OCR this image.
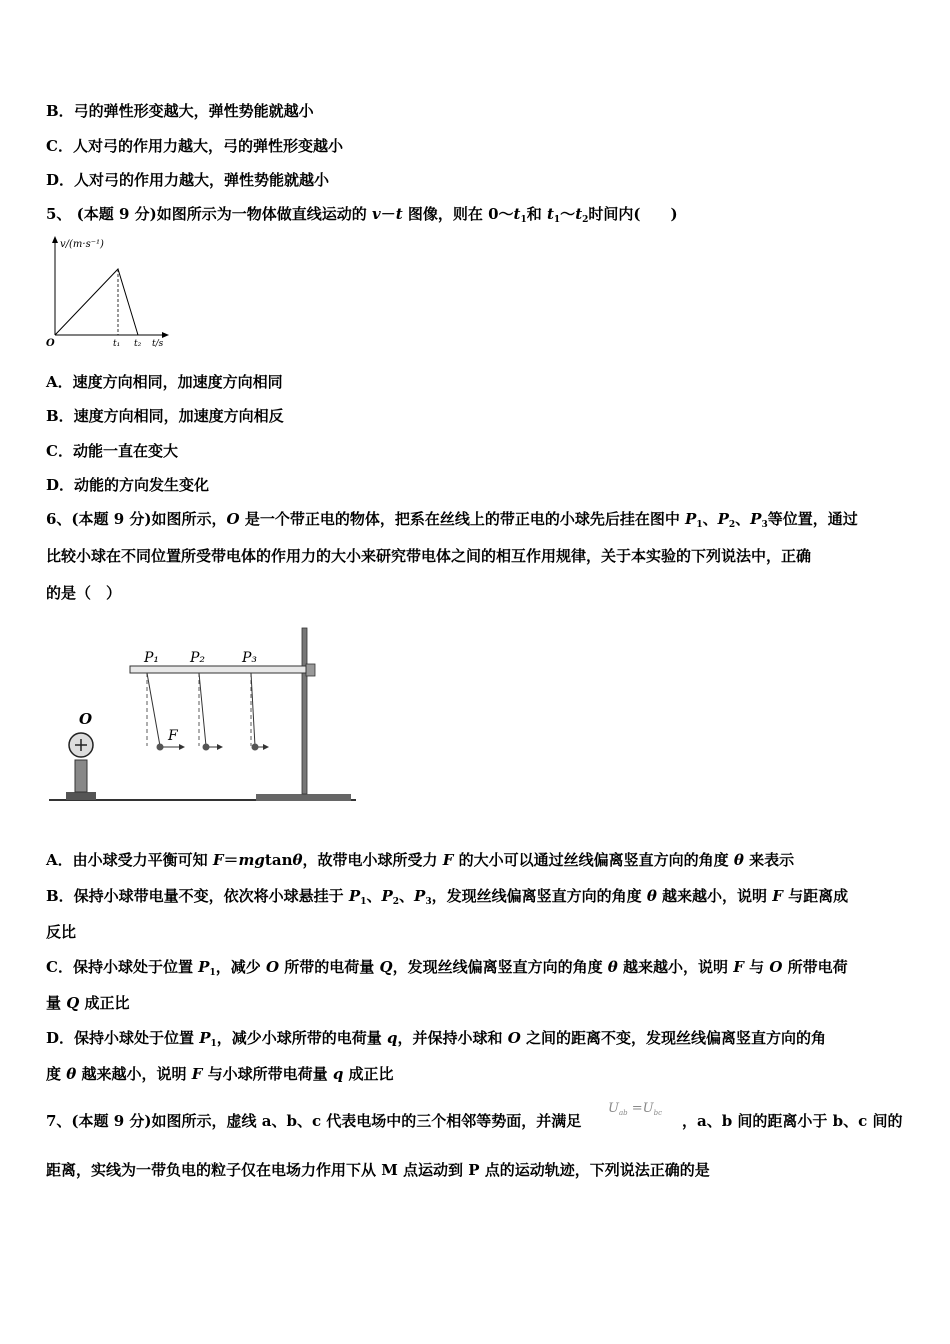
B．弓的弹性形变越大，弹性势能就越小
C．人对弓的作用力越大，弓的弹性形变越小
D．人对弓的作用力越大，弹性势能就越小
5、 (本题 9 分)如图所示为一物体做直线运动的 v－t 图像，则在 $0\sim t_1$和 $t_1\sim t_2$时间内(　　)
v/(m·s⁻¹)
O	t₁ t₂ t/s
A．速度方向相同，加速度方向相同
B．速度方向相同，加速度方向相反
C．动能一直在变大
D．动能的方向发生变化
6、(本题 9 分)如图所示，O 是一个带正电的物体，把系在丝线上的带正电的小球先后挂在图中 $P_1$、$P_2$、$P_3$等位置，通过
比较小球在不同位置所受带电体的作用力的大小来研究带电体之间的相互作用规律，关于本实验的下列说法中，正确
的是（　）
O
P₁ P₂	P₃
F
A．由小球受力平衡可知 F＝mgtanθ，故带电小球所受力 F 的大小可以通过丝线偏离竖直方向的角度 θ 来表示
B．保持小球带电量不变，依次将小球悬挂于 $P_1$、$P_2$、$P_3$，发现丝线偏离竖直方向的角度 θ 越来越小，说明 F 与距离成
反比
C．保持小球处于位置 $P_1$，减少 O 所带的电荷量 Q，发现丝线偏离竖直方向的角度 θ 越来越小，说明 F 与 O 所带电荷
量 Q 成正比
D．保持小球处于位置 $P_1$，减少小球所带的电荷量 q，并保持小球和 O 之间的距离不变，发现丝线偏离竖直方向的角
度 θ 越来越小，说明 F 与小球所带电荷量 q 成正比
7、(本题 9 分)如图所示，虚线 a、b、c 代表电场中的三个相邻等势面，并满足
$U_{ab} =U_{bc}$ ，a、b 间的距离小于 b、c 间的
距离，实线为一带负电的粒子仅在电场力作用下从 M 点运动到 P 点的运动轨迹，下列说法正确的是
